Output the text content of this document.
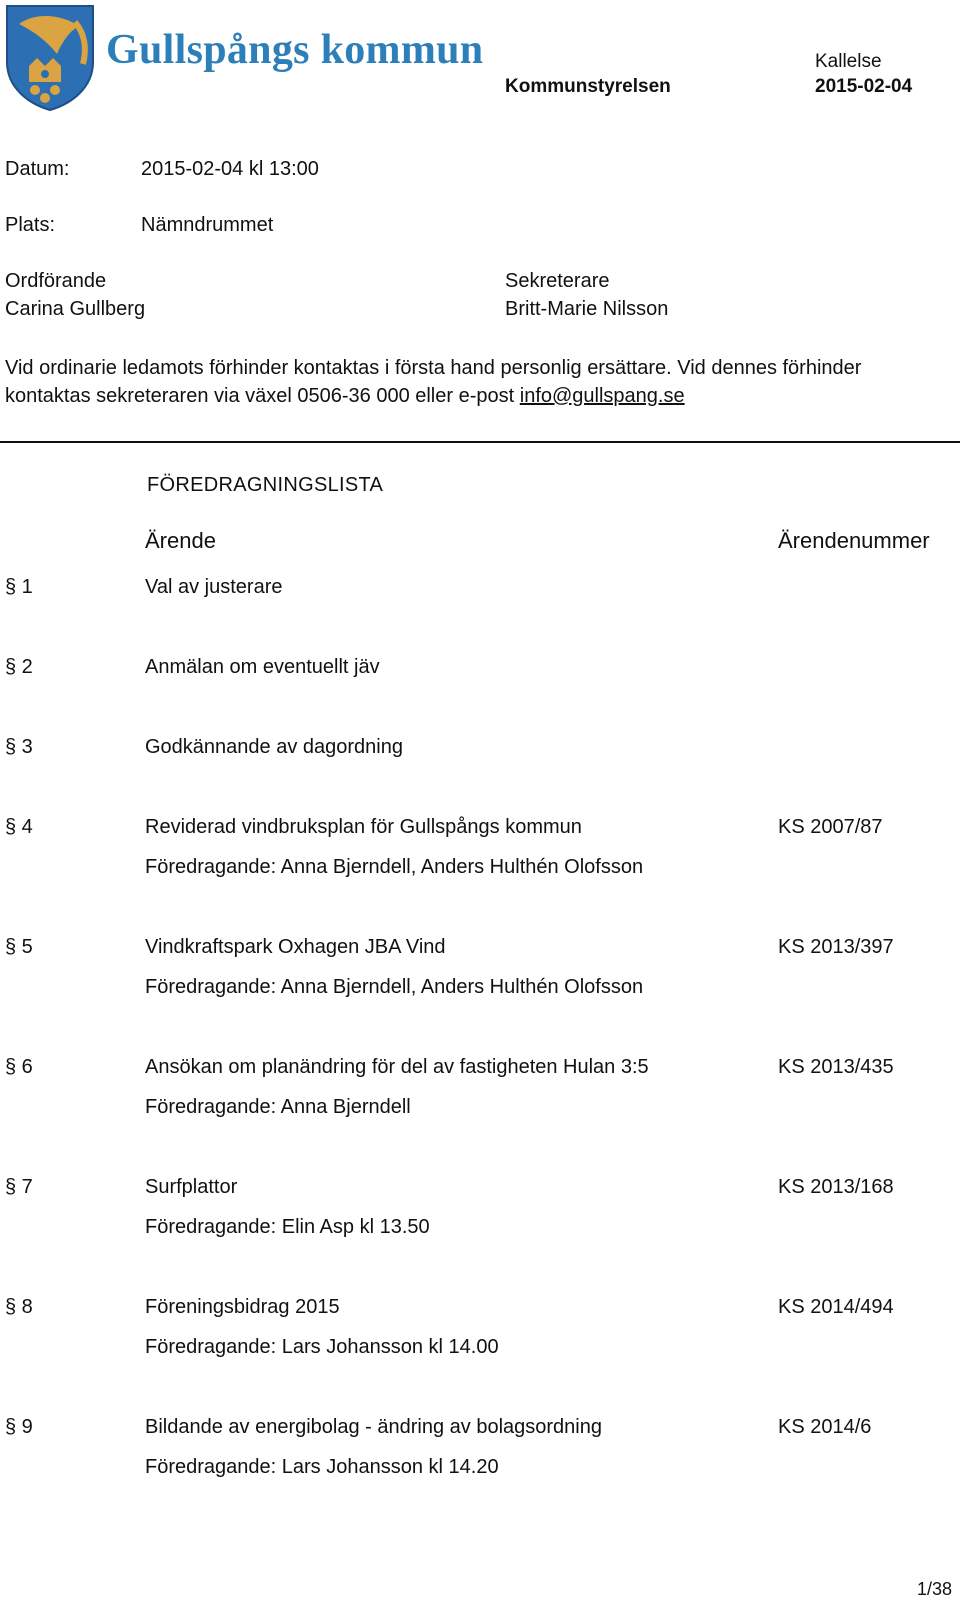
Gullspångs kommun
Kommunstyrelsen
Kallelse
2015-02-04
Datum:	2015-02-04 kl 13:00
Plats:	Nämndrummet
Ordförande
Carina Gullberg
Sekreterare
Britt-Marie Nilsson
Vid ordinarie ledamots förhinder kontaktas i första hand personlig ersättare. Vid dennes förhinder kontaktas sekreteraren via växel 0506-36 000 eller e-post info@gullspang.se
FÖREDRAGNINGSLISTA
Ärende	Ärendenummer
§ 1	Val av justerare
§ 2	Anmälan om eventuellt jäv
§ 3	Godkännande av dagordning
§ 4	Reviderad vindbruksplan för Gullspångs kommun	KS 2007/87
Föredragande: Anna Bjerndell, Anders Hulthén Olofsson
§ 5	Vindkraftspark Oxhagen JBA Vind	KS 2013/397
Föredragande: Anna Bjerndell, Anders Hulthén Olofsson
§ 6	Ansökan om planändring för del av fastigheten Hulan 3:5	KS 2013/435
Föredragande: Anna Bjerndell
§ 7	Surfplattor	KS 2013/168
Föredragande: Elin Asp kl 13.50
§ 8	Föreningsbidrag 2015	KS 2014/494
Föredragande: Lars Johansson kl 14.00
§ 9	Bildande av energibolag - ändring av bolagsordning	KS 2014/6
Föredragande: Lars Johansson kl 14.20
1/38
